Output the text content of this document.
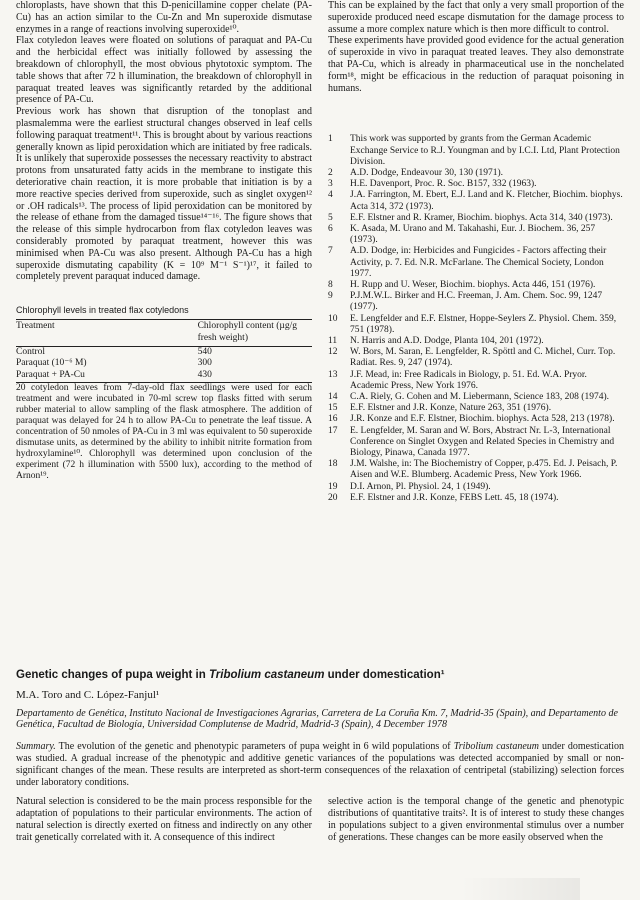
chloroplasts, have shown that this D-penicillamine copper chelate (PA-Cu) has an action similar to the Cu-Zn and Mn superoxide dismutase enzymes in a range of reactions involving superoxide¹⁰.

Flax cotyledon leaves were floated on solutions of paraquat and PA-Cu and the herbicidal effect was initially followed by assessing the breakdown of chlorophyll, the most obvious phytotoxic symptom. The table shows that after 72 h illumination, the breakdown of chlorophyll in paraquat treated leaves was significantly retarded by the additional presence of PA-Cu.

Previous work has shown that disruption of the tonoplast and plasmalemma were the earliest structural changes observed in leaf cells following paraquat treatment¹¹. This is brought about by various reactions generally known as lipid peroxidation which are initiated by free radicals. It is unlikely that superoxide possesses the necessary reactivity to abstract protons from unsaturated fatty acids in the membrane to instigate this deteriorative chain reaction, it is more probable that initiation is by a more reactive species derived from superoxide, such as singlet oxygen¹² or .OH radicals¹³. The process of lipid peroxidation can be monitored by the release of ethane from the damaged tissue¹⁴⁻¹⁶. The figure shows that the release of this simple hydrocarbon from flax cotyledon leaves was considerably promoted by paraquat treatment, however this was minimised when PA-Cu was also present. Although PA-Cu has a high superoxide dismutating capability (K = 10⁹ M⁻¹ S⁻¹)¹⁷, it failed to completely prevent paraquat induced damage.

Chlorophyll levels in treated flax cotyledons
Treatment	Chlorophyll content (µg/g fresh weight)
Control	540
Paraquat (10⁻⁶ M)	300
Paraquat + PA-Cu	430

20 cotyledon leaves from 7-day-old flax seedlings were used for each treatment and were incubated in 70-ml screw top flasks fitted with serum rubber material to allow sampling of the flask atmosphere. The addition of paraquat was delayed for 24 h to allow PA-Cu to penetrate the leaf tissue. A concentration of 50 nmoles of PA-Cu in 3 ml was equivalent to 50 superoxide dismutase units, as determined by the ability to inhibit nitrite formation from hydroxylamine¹⁰. Chlorophyll was determined upon conclusion of the experiment (72 h illumination with 5500 lux), according to the method of Arnon¹⁹.

This can be explained by the fact that only a very small proportion of the superoxide produced need escape dismutation for the damage process to assume a more complex nature which is then more difficult to control.

These experiments have provided good evidence for the actual generation of superoxide in vivo in paraquat treated leaves. They also demonstrate that PA-Cu, which is already in pharmaceutical use in the nonchelated form¹⁸, might be efficacious in the reduction of paraquat poisoning in humans.

1	This work was supported by grants from the German Academic Exchange Service to R.J. Youngman and by I.C.I. Ltd, Plant Protection Division.
2	A.D. Dodge, Endeavour 30, 130 (1971).
3	H.E. Davenport, Proc. R. Soc. B157, 332 (1963).
4	J.A. Farrington, M. Ebert, E.J. Land and K. Fletcher, Biochim. biophys. Acta 314, 372 (1973).
5	E.F. Elstner and R. Kramer, Biochim. biophys. Acta 314, 340 (1973).
6	K. Asada, M. Urano and M. Takahashi, Eur. J. Biochem. 36, 257 (1973).
7	A.D. Dodge, in: Herbicides and Fungicides - Factors affecting their Activity, p. 7. Ed. N.R. McFarlane. The Chemical Society, London 1977.
8	H. Rupp and U. Weser, Biochim. biophys. Acta 446, 151 (1976).
9	P.J.M.W.L. Birker and H.C. Freeman, J. Am. Chem. Soc. 99, 1247 (1977).
10	E. Lengfelder and E.F. Elstner, Hoppe-Seylers Z. Physiol. Chem. 359, 751 (1978).
11	N. Harris and A.D. Dodge, Planta 104, 201 (1972).
12	W. Bors, M. Saran, E. Lengfelder, R. Spöttl and C. Michel, Curr. Top. Radiat. Res. 9, 247 (1974).
13	J.F. Mead, in: Free Radicals in Biology, p. 51. Ed. W.A. Pryor. Academic Press, New York 1976.
14	C.A. Riely, G. Cohen and M. Liebermann, Science 183, 208 (1974).
15	E.F. Elstner and J.R. Konze, Nature 263, 351 (1976).
16	J.R. Konze and E.F. Elstner, Biochim. biophys. Acta 528, 213 (1978).
17	E. Lengfelder, M. Saran and W. Bors, Abstract Nr. L-3, International Conference on Singlet Oxygen and Related Species in Chemistry and Biology, Pinawa, Canada 1977.
18	J.M. Walshe, in: The Biochemistry of Copper, p.475. Ed. J. Peisach, P. Aisen and W.E. Blumberg. Academic Press, New York 1966.
19	D.I. Arnon, Pl. Physiol. 24, 1 (1949).
20	E.F. Elstner and J.R. Konze, FEBS Lett. 45, 18 (1974).

Genetic changes of pupa weight in Tribolium castaneum under domestication¹

M.A. Toro and C. López-Fanjul¹
Departamento de Genética, Instituto Nacional de Investigaciones Agrarias, Carretera de La Coruña Km. 7, Madrid-35 (Spain), and Departamento de Genética, Facultad de Biología, Universidad Complutense de Madrid, Madrid-3 (Spain), 4 December 1978

Summary. The evolution of the genetic and phenotypic parameters of pupa weight in 6 wild populations of Tribolium castaneum under domestication was studied. A gradual increase of the phenotypic and additive genetic variances of the populations was detected accompanied by small or non-significant changes of the mean. These results are interpreted as short-term consequences of the relaxation of centripetal (stabilizing) selection forces under laboratory conditions.

Natural selection is considered to be the main process responsible for the adaptation of populations to their particular environments. The action of natural selection is directly exerted on fitness and indirectly on any other trait genetically correlated with it. A consequence of this indirect
selective action is the temporal change of the genetic and phenotypic distributions of quantitative traits². It is of interest to study these changes in populations subject to a given environmental stimulus over a number of generations. These changes can be more easily observed when the
